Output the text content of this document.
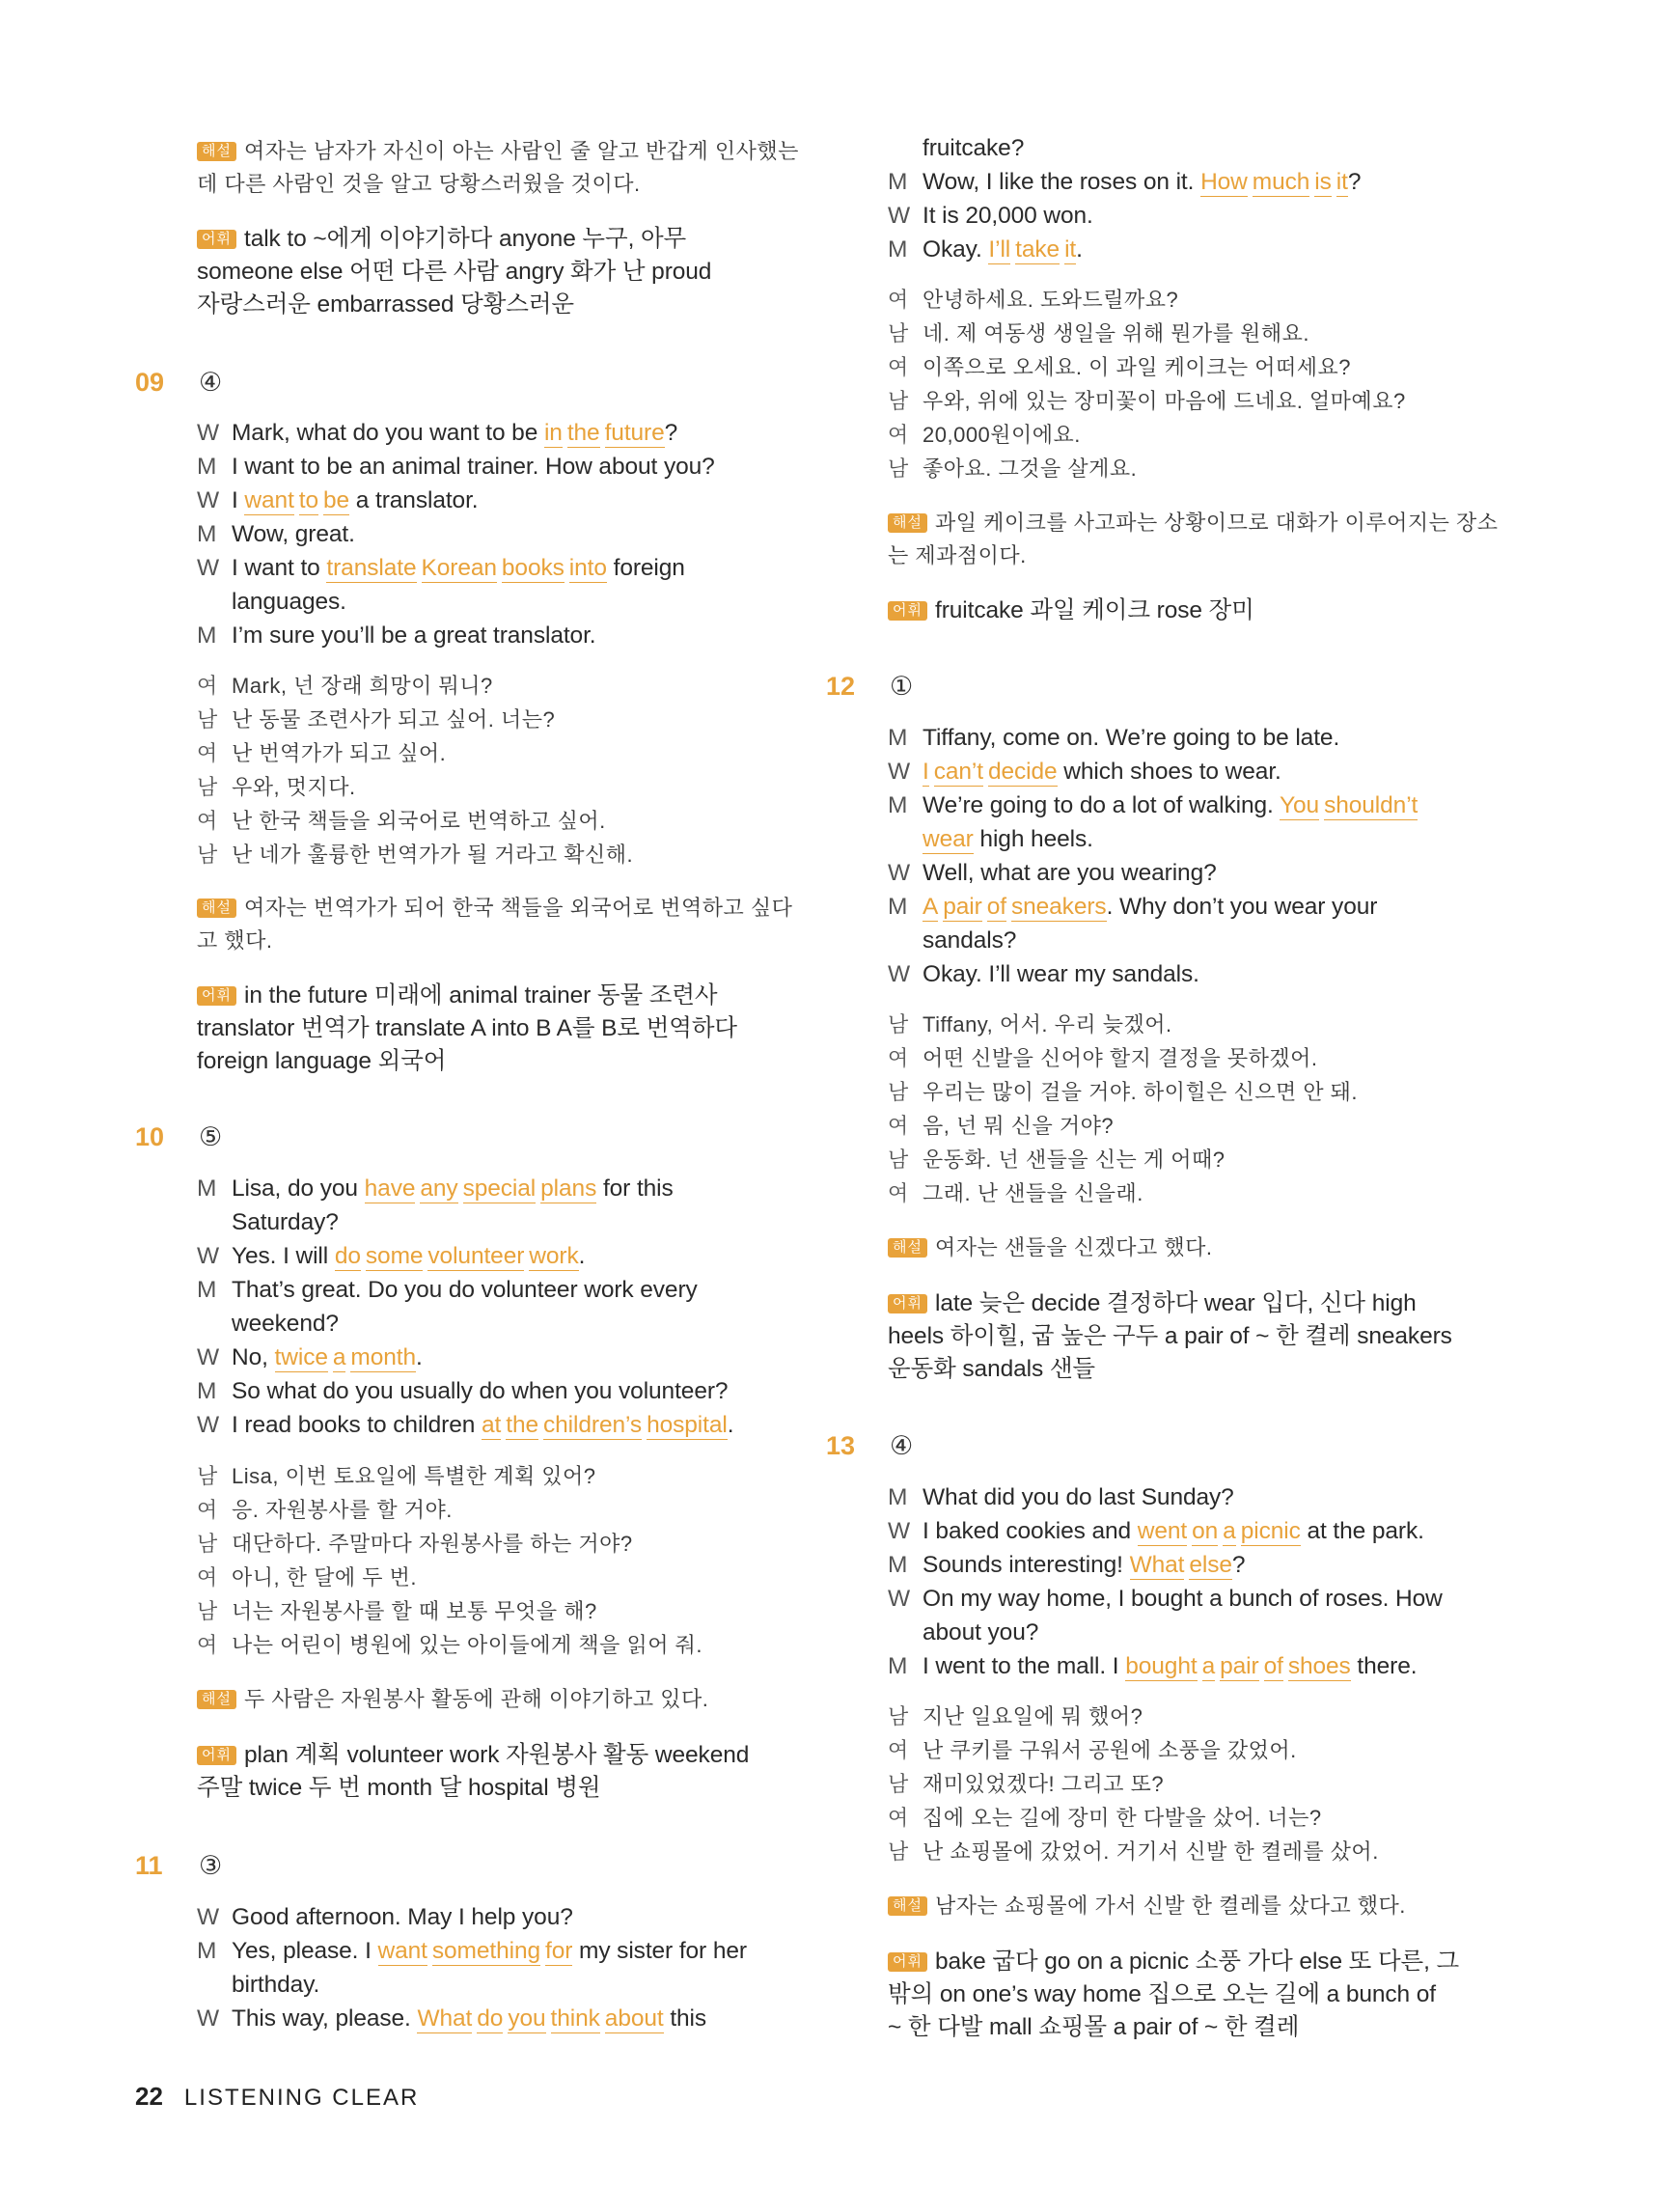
해설 여자는 남자가 자신이 아는 사람인 줄 알고 반갑게 인사했는
데 다른 사람인 것을 알고 당황스러웠을 것이다.
어휘 talk to ~에게 이야기하다 anyone 누구, 아무
someone else 어떤 다른 사람 angry 화가 난 proud
자랑스러운 embarrassed 당황스러운
09 ④
W Mark, what do you want to be in the future?
M I want to be an animal trainer. How about you?
W I want to be a translator.
M Wow, great.
W I want to translate Korean books into foreign
languages.
M I’m sure you’ll be a great translator.
여 Mark, 넌 장래 희망이 뭐니?
남 난 동물 조련사가 되고 싶어. 너는?
여 난 번역가가 되고 싶어.
남 우와, 멋지다.
여 난 한국 책들을 외국어로 번역하고 싶어.
남 난 네가 훌륭한 번역가가 될 거라고 확신해.
해설 여자는 번역가가 되어 한국 책들을 외국어로 번역하고 싶다
고 했다.
어휘 in the future 미래에 animal trainer 동물 조련사
translator 번역가 translate A into B A를 B로 번역하다
foreign language 외국어
10 ⑤
M Lisa, do you have any special plans for this
Saturday?
W Yes. I will do some volunteer work.
M That’s great. Do you do volunteer work every
weekend?
W No, twice a month.
M So what do you usually do when you volunteer?
W I read books to children at the children’s hospital.
남 Lisa, 이번 토요일에 특별한 계획 있어?
여 응. 자원봉사를 할 거야.
남 대단하다. 주말마다 자원봉사를 하는 거야?
여 아니, 한 달에 두 번.
남 너는 자원봉사를 할 때 보통 무엇을 해?
여 나는 어린이 병원에 있는 아이들에게 책을 읽어 줘.
해설 두 사람은 자원봉사 활동에 관해 이야기하고 있다.
어휘 plan 계획 volunteer work 자원봉사 활동 weekend
주말 twice 두 번 month 달 hospital 병원
11 ③
W Good afternoon. May I help you?
M Yes, please. I want something for my sister for her
birthday.
W This way, please. What do you think about this
fruitcake?
M Wow, I like the roses on it. How much is it?
W It is 20,000 won.
M Okay. I’ll take it.
여 안녕하세요. 도와드릴까요?
남 네. 제 여동생 생일을 위해 뭔가를 원해요.
여 이쪽으로 오세요. 이 과일 케이크는 어떠세요?
남 우와, 위에 있는 장미꽃이 마음에 드네요. 얼마예요?
여 20,000원이에요.
남 좋아요. 그것을 살게요.
해설 과일 케이크를 사고파는 상황이므로 대화가 이루어지는 장소
는 제과점이다.
어휘 fruitcake 과일 케이크 rose 장미
12 ①
M Tiffany, come on. We’re going to be late.
W I can’t decide which shoes to wear.
M We’re going to do a lot of walking. You shouldn’t
wear high heels.
W Well, what are you wearing?
M A pair of sneakers. Why don’t you wear your
sandals?
W Okay. I’ll wear my sandals.
남 Tiffany, 어서. 우리 늦겠어.
여 어떤 신발을 신어야 할지 결정을 못하겠어.
남 우리는 많이 걸을 거야. 하이힐은 신으면 안 돼.
여 음, 넌 뭐 신을 거야?
남 운동화. 넌 샌들을 신는 게 어때?
여 그래. 난 샌들을 신을래.
해설 여자는 샌들을 신겠다고 했다.
어휘 late 늦은 decide 결정하다 wear 입다, 신다 high
heels 하이힐, 굽 높은 구두 a pair of ~ 한 켤레 sneakers
운동화 sandals 샌들
13 ④
M What did you do last Sunday?
W I baked cookies and went on a picnic at the park.
M Sounds interesting! What else?
W On my way home, I bought a bunch of roses. How
about you?
M I went to the mall. I bought a pair of shoes there.
남 지난 일요일에 뭐 했어?
여 난 쿠키를 구워서 공원에 소풍을 갔었어.
남 재미있었겠다! 그리고 또?
여 집에 오는 길에 장미 한 다발을 샀어. 너는?
남 난 쇼핑몰에 갔었어. 거기서 신발 한 켤레를 샀어.
해설 남자는 쇼핑몰에 가서 신발 한 켤레를 샀다고 했다.
어휘 bake 굽다 go on a picnic 소풍 가다 else 또 다른, 그
밖의 on one’s way home 집으로 오는 길에 a bunch of
~ 한 다발 mall 쇼핑몰 a pair of ~ 한 켤레
22 LISTENING CLEAR
